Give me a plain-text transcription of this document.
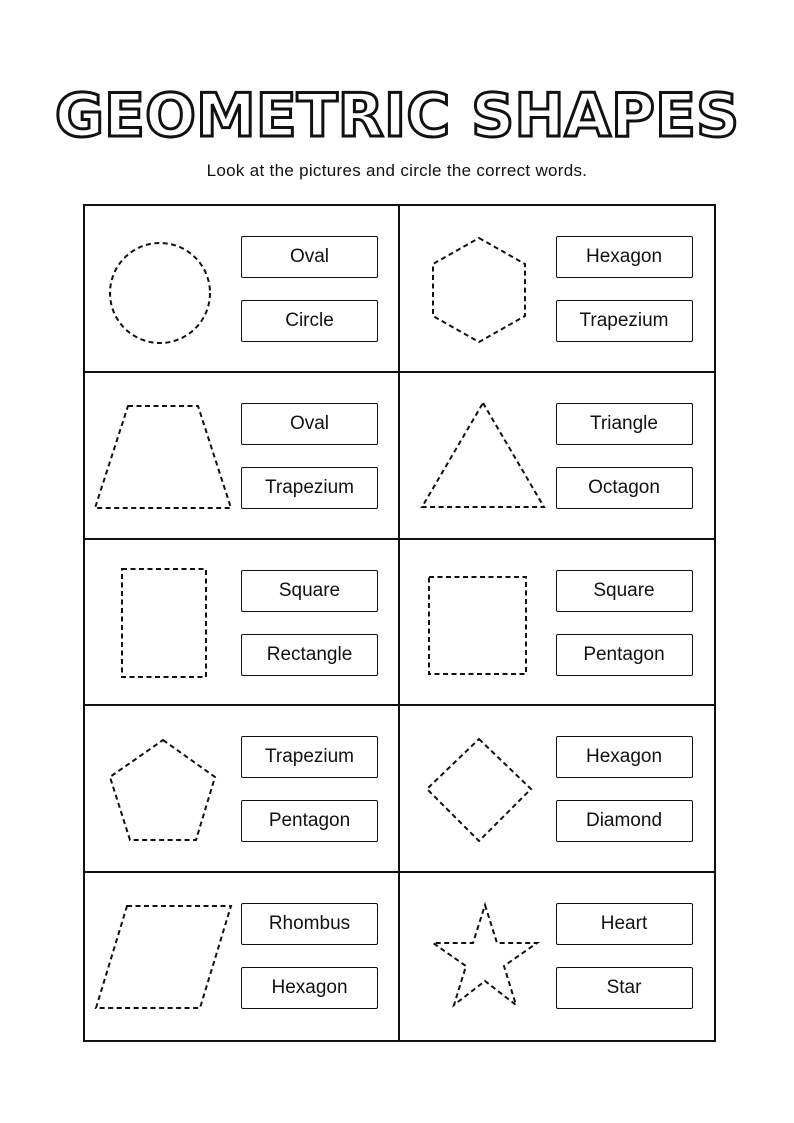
GEOMETRIC SHAPES
Look at the pictures and circle the correct words.
Oval
Circle
Hexagon
Trapezium
Oval
Trapezium
Triangle
Octagon
Square
Rectangle
Square
Pentagon
Trapezium
Pentagon
Hexagon
Diamond
Rhombus
Hexagon
Heart
Star
